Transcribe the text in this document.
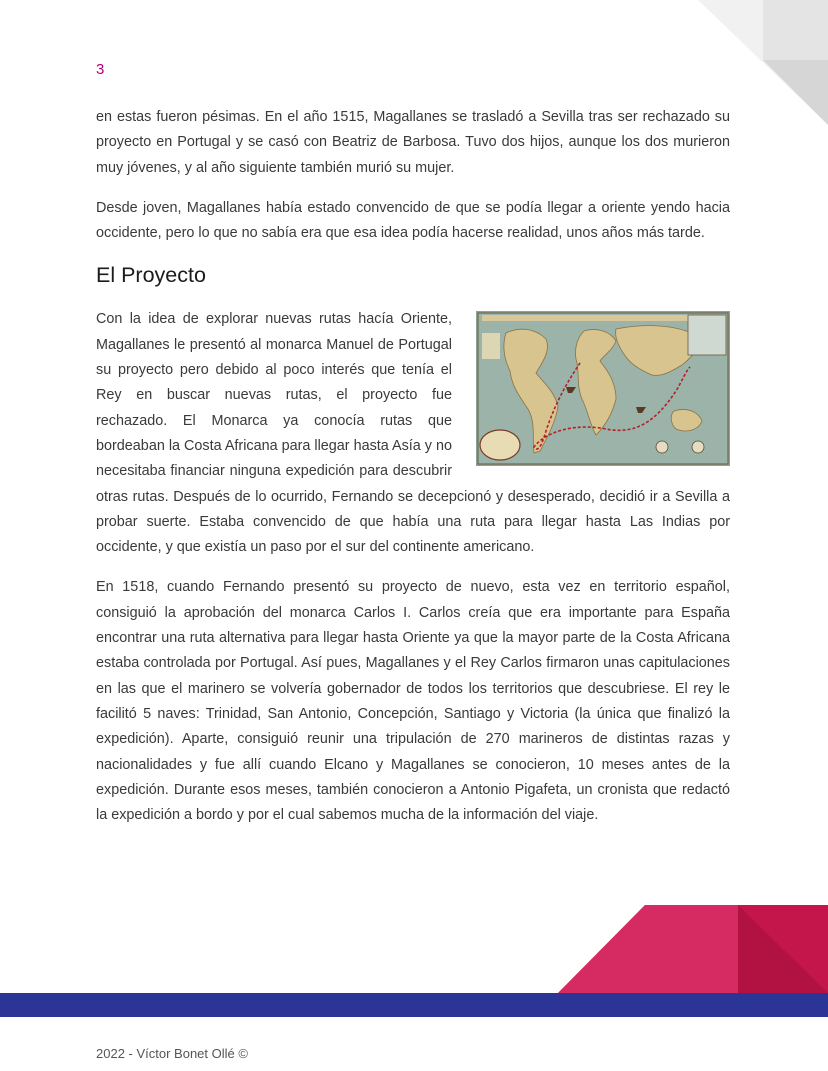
3

en estas fueron pésimas. En el año 1515, Magallanes se trasladó a Sevilla tras ser rechazado su proyecto en Portugal y se casó con Beatriz de Barbosa. Tuvo dos hijos, aunque los dos murieron muy jóvenes, y al año siguiente también murió su mujer.

Desde joven, Magallanes había estado convencido de que se podía llegar a oriente yendo hacia occidente, pero lo que no sabía era que esa idea podía hacerse realidad, unos años más tarde.

El Proyecto

Con la idea de explorar nuevas rutas hacía Oriente, Magallanes le presentó al monarca Manuel de Portugal su proyecto pero debido al poco interés que tenía el Rey en buscar nuevas rutas, el proyecto fue rechazado. El Monarca ya conocía rutas que bordeaban la Costa Africana para llegar hasta Asía y no necesitaba financiar ninguna expedición para descubrir otras rutas. Después de lo ocurrido, Fernando se decepcionó y desesperado, decidió ir a Sevilla a probar suerte. Estaba convencido de que había una ruta para llegar hasta Las Indias por occidente, y que existía un paso por el sur del continente americano.

En 1518, cuando Fernando presentó su proyecto de nuevo, esta vez en territorio español, consiguió la aprobación del monarca Carlos I. Carlos creía que era importante para España encontrar una ruta alternativa para llegar hasta Oriente ya que la mayor parte de la Costa Africana estaba controlada por Portugal. Así pues, Magallanes y el Rey Carlos firmaron unas capitulaciones en las que el marinero se volvería gobernador de todos los territorios que descubriese. El rey le facilitó 5 naves: Trinidad, San Antonio, Concepción, Santiago y Victoria (la única que finalizó la expedición). Aparte, consiguió reunir una tripulación de 270 marineros de distintas razas y nacionalidades y fue allí cuando Elcano y Magallanes se conocieron, 10 meses antes de la expedición. Durante esos meses, también conocieron a Antonio Pigafeta, un cronista que redactó la expedición a bordo y por el cual sabemos mucha de la información del viaje.

2022 - Víctor Bonet Ollé ©
